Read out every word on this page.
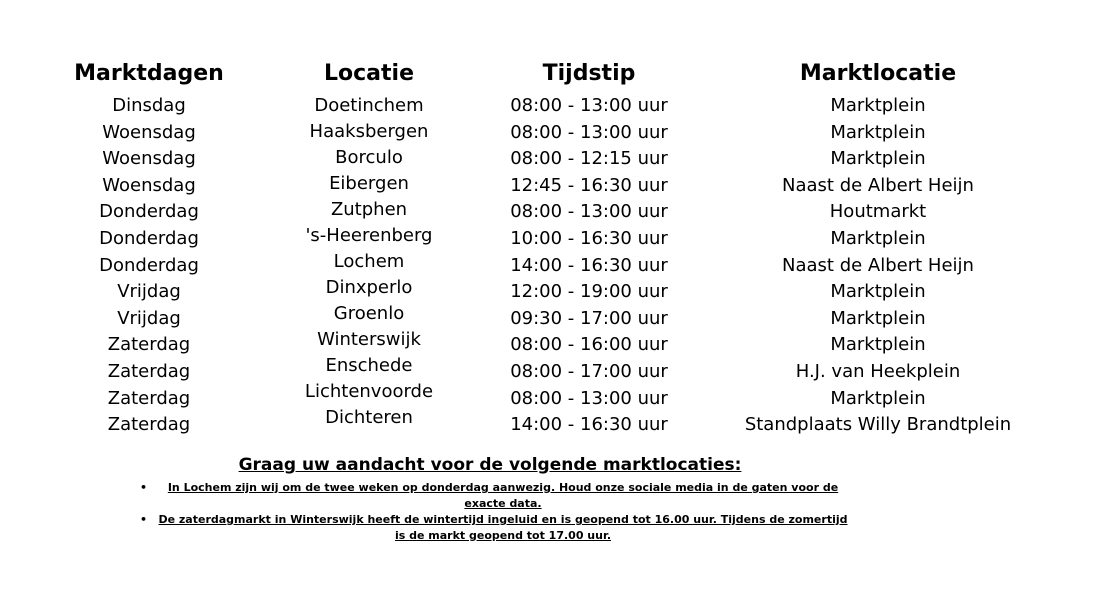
Marktdagen
Dinsdag
Woensdag
Woensdag
Woensdag
Donderdag
Donderdag
Donderdag
Vrijdag
Vrijdag
Zaterdag
Zaterdag
Zaterdag
Zaterdag
Locatie
Doetinchem
Haaksbergen
Borculo
Eibergen
Zutphen
's-Heerenberg
Lochem
Dinxperlo
Groenlo
Winterswijk
Enschede
Lichtenvoorde
Dichteren
Tijdstip
08:00 - 13:00 uur
08:00 - 13:00 uur
08:00 - 12:15 uur
12:45 - 16:30 uur
08:00 - 13:00 uur
10:00 - 16:30 uur
14:00 - 16:30 uur
12:00 - 19:00 uur
09:30 - 17:00 uur
08:00 - 16:00 uur
08:00 - 17:00 uur
08:00 - 13:00 uur
14:00 - 16:30 uur
Marktlocatie
Marktplein
Marktplein
Marktplein
Naast de Albert Heijn
Houtmarkt
Marktplein
Naast de Albert Heijn
Marktplein
Marktplein
Marktplein
H.J. van Heekplein
Marktplein
Standplaats Willy Brandtplein
Graag uw aandacht voor de volgende marktlocaties:
• In Lochem zijn wij om de twee weken op donderdag aanwezig. Houd onze sociale media in de gaten voor de exacte data.
• De zaterdagmarkt in Winterswijk heeft de wintertijd ingeluid en is geopend tot 16.00 uur. Tijdens de zomertijd is de markt geopend tot 17.00 uur.
